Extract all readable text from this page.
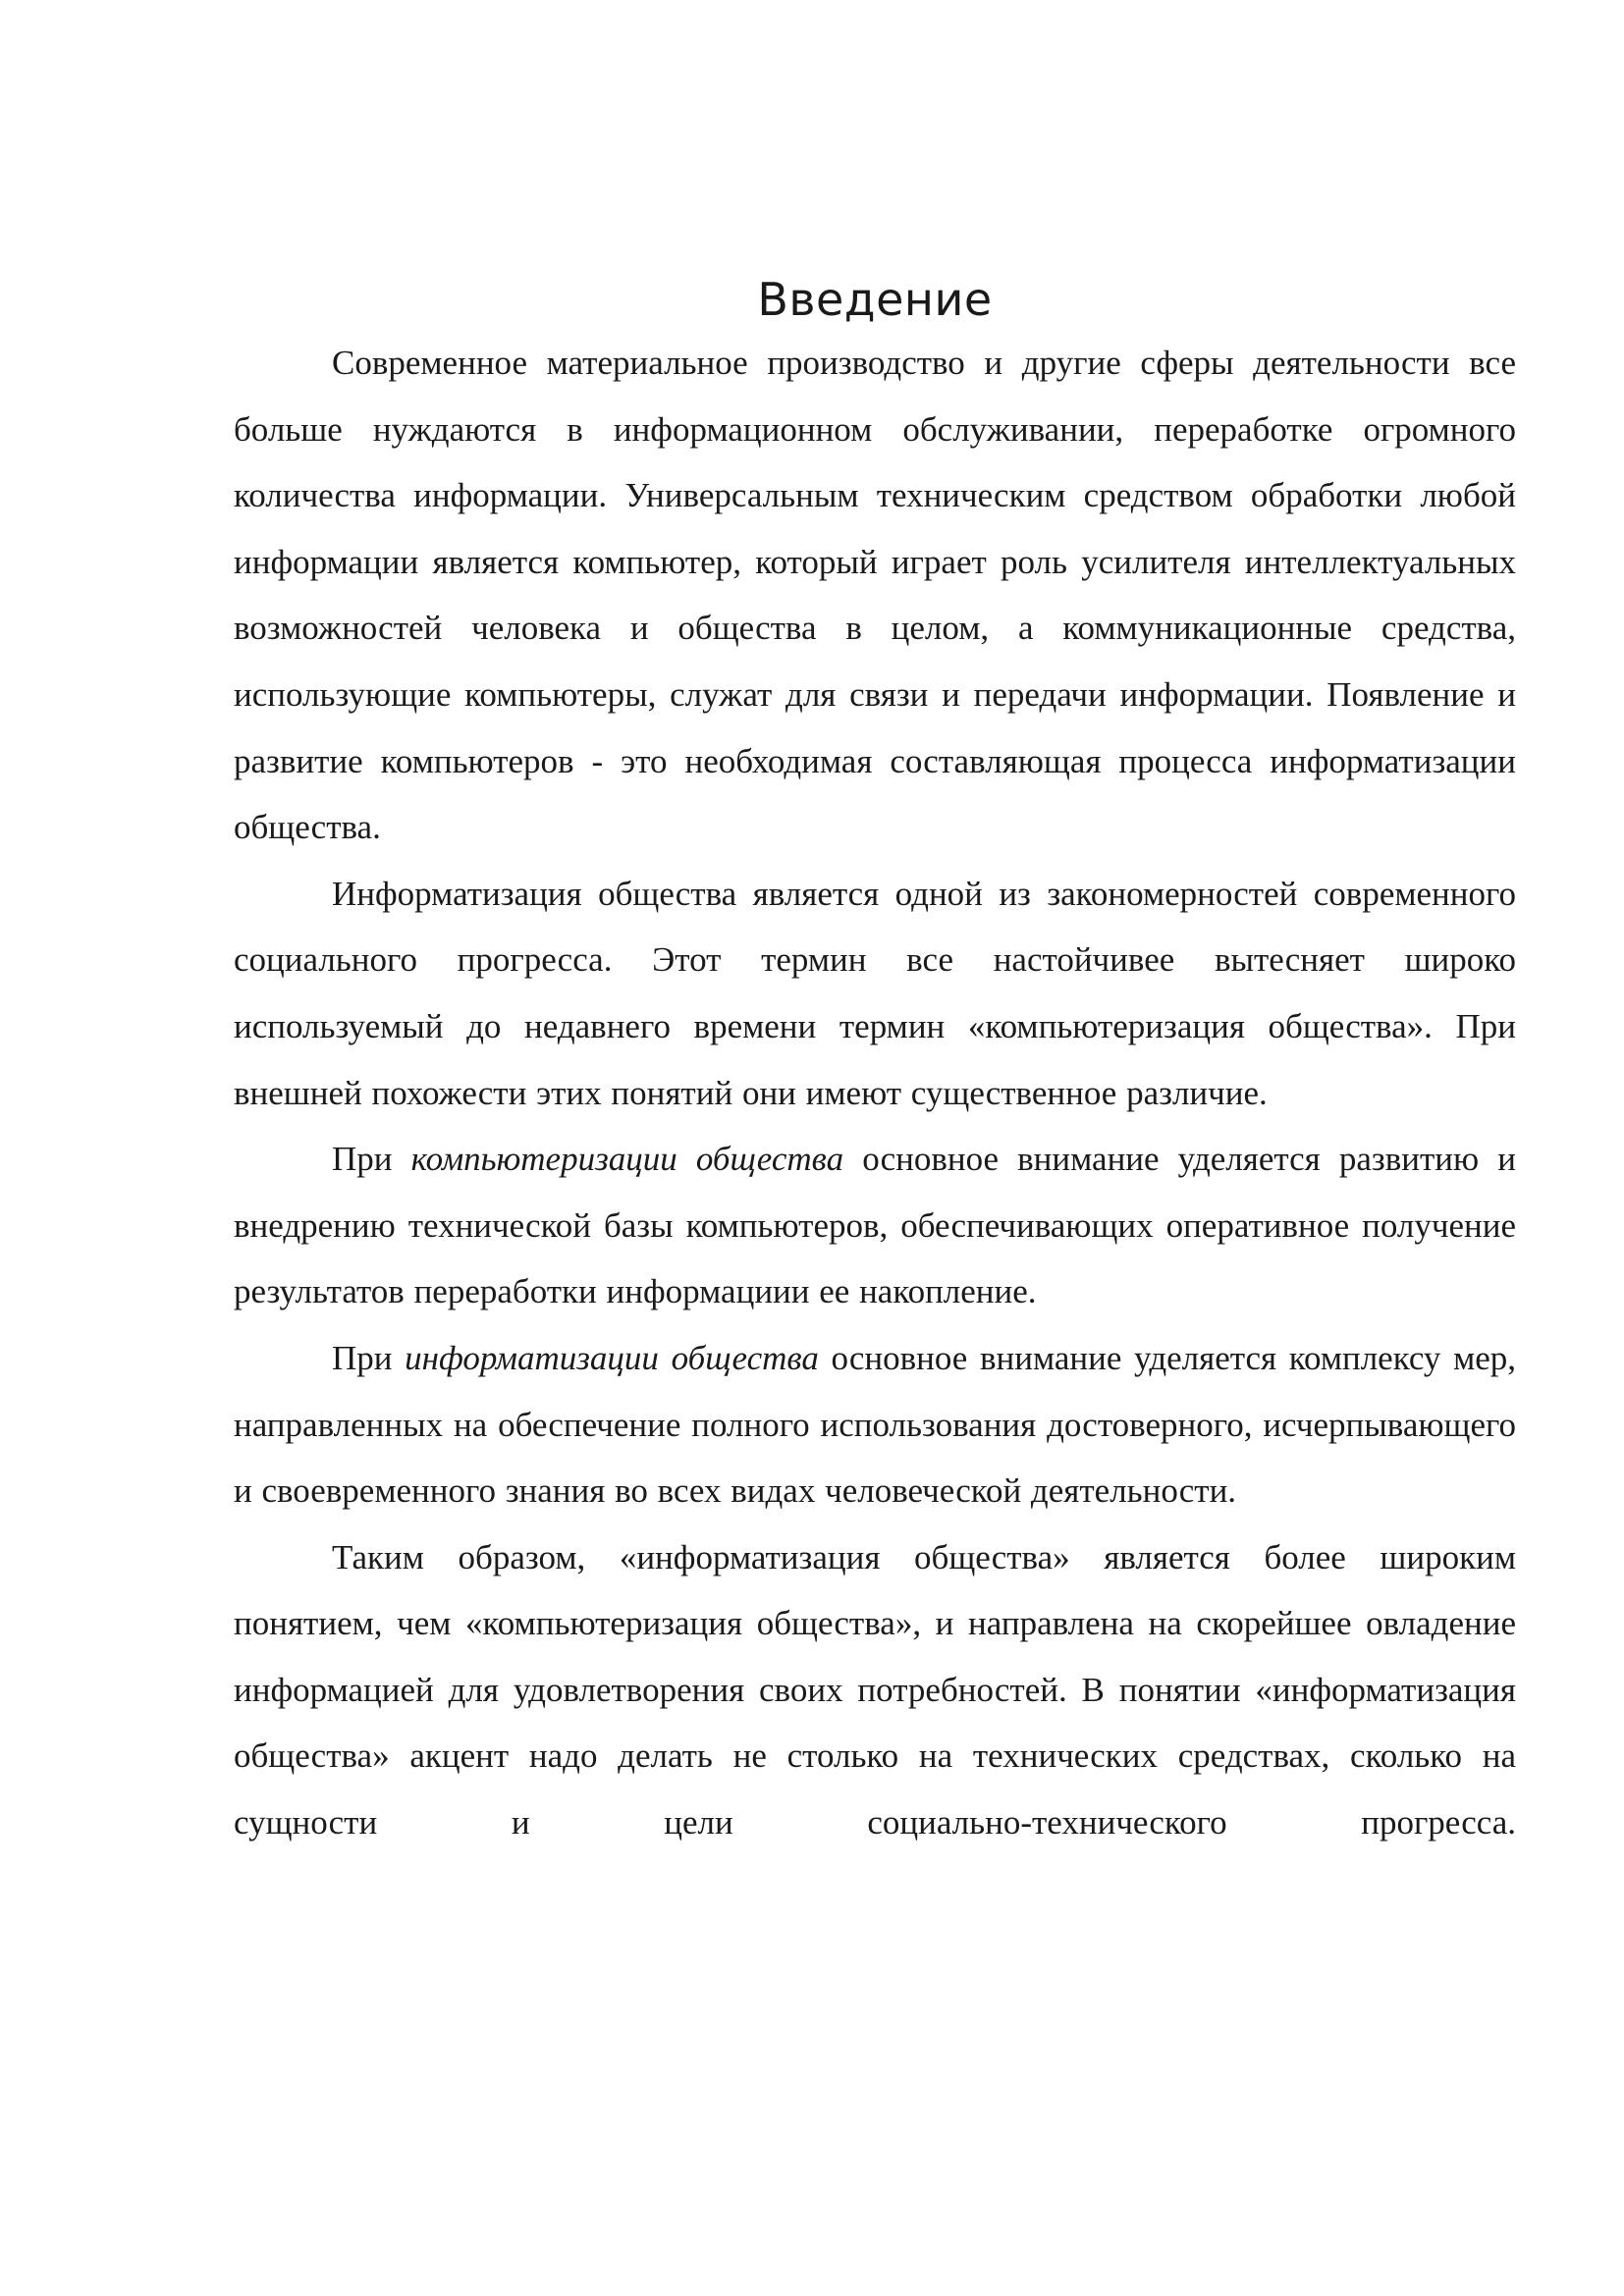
Введение

Современное материальное производство и другие сферы деятельности все больше нуждаются в информационном обслуживании, переработке огромного количества информации. Универсальным техническим средством обработки любой информации является компьютер, который играет роль усилителя интеллектуальных возможностей человека и общества в целом, а коммуникационные средства, использующие компьютеры, служат для связи и передачи информации. Появление и развитие компьютеров - это необходимая составляющая процесса информатизации общества.

Информатизация общества является одной из закономерностей современного социального прогресса. Этот термин все настойчивее вытесняет широко используемый до недавнего времени термин «компьютеризация общества». При внешней похожести этих понятий они имеют существенное различие.

При компьютеризации общества основное внимание уделяется развитию и внедрению технической базы компьютеров, обеспечивающих оперативное получение результатов переработки информациии ее накопление.

При информатизации общества основное внимание уделяется комплексу мер, направленных на обеспечение полного использования достоверного, исчерпывающего и своевременного знания во всех видах человеческой деятельности.

Таким образом, «информатизация общества» является более широким понятием, чем «компьютеризация общества», и направлена на скорейшее овладение информацией для удовлетворения своих потребностей. В понятии «информатизация общества» акцент надо делать не столько на технических средствах, сколько на сущности и цели социально-технического прогресса.
